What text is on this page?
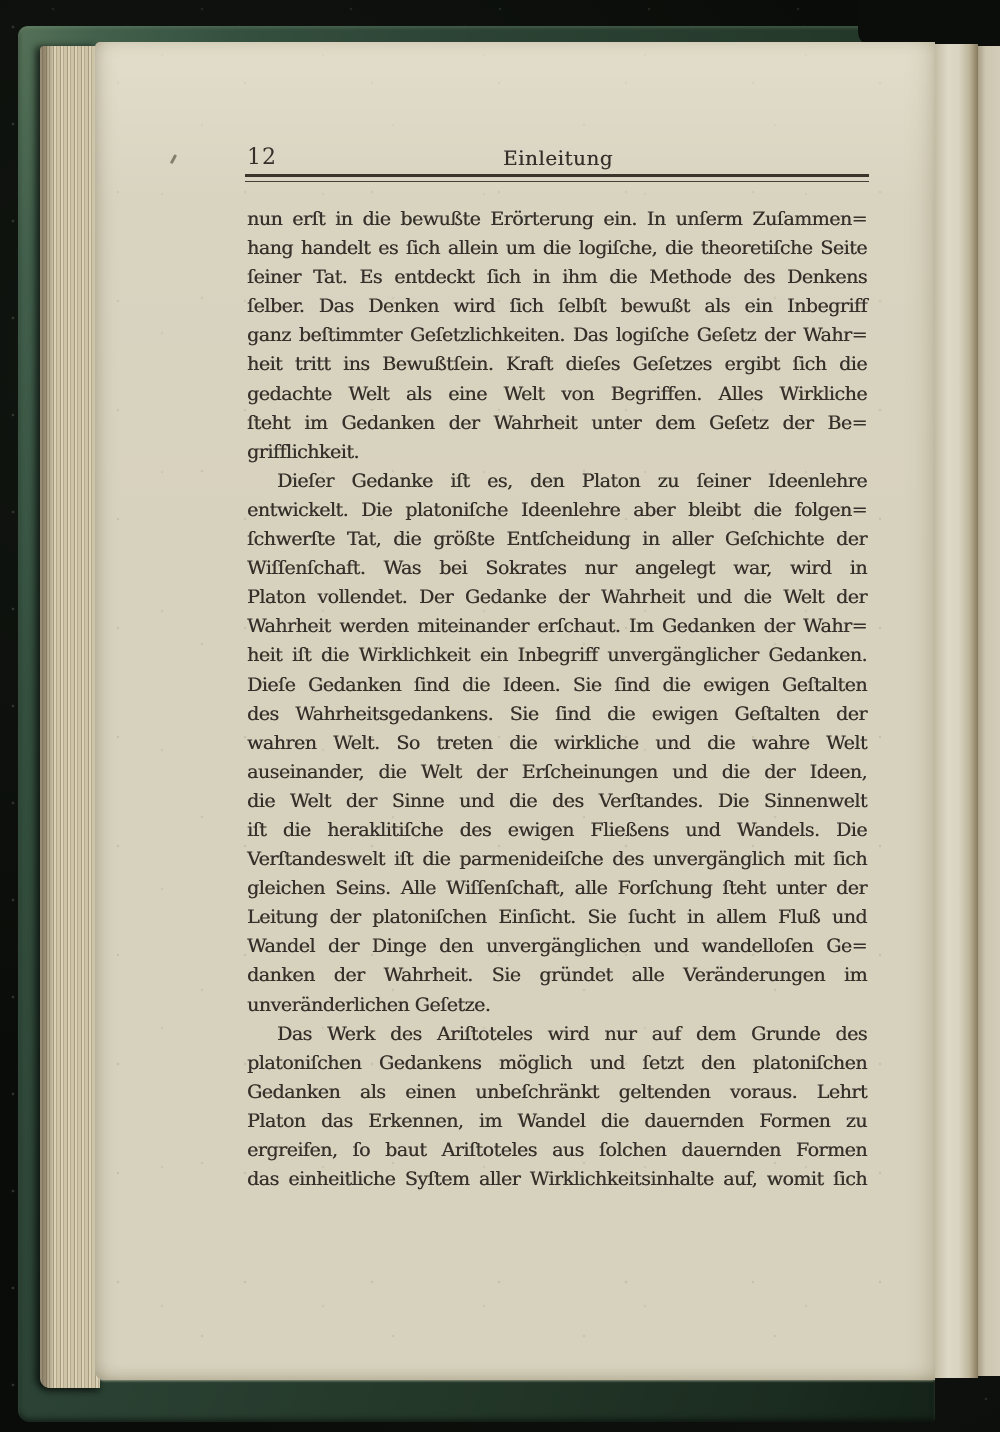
12	Einleitung
nun erſt in die bewußte Erörterung ein. In unſerm Zuſammen=
hang handelt es ſich allein um die logiſche, die theoretiſche Seite
ſeiner Tat. Es entdeckt ſich in ihm die Methode des Denkens
ſelber. Das Denken wird ſich ſelbſt bewußt als ein Inbegriff
ganz beſtimmter Geſetzlichkeiten. Das logiſche Geſetz der Wahr=
heit tritt ins Bewußtſein. Kraft dieſes Geſetzes ergibt ſich die
gedachte Welt als eine Welt von Begriffen. Alles Wirkliche
ſteht im Gedanken der Wahrheit unter dem Geſetz der Be=
grifflichkeit.
Dieſer Gedanke iſt es, den Platon zu ſeiner Ideenlehre
entwickelt. Die platoniſche Ideenlehre aber bleibt die folgen=
ſchwerſte Tat, die größte Entſcheidung in aller Geſchichte der
Wiſſenſchaft. Was bei Sokrates nur angelegt war, wird in
Platon vollendet. Der Gedanke der Wahrheit und die Welt der
Wahrheit werden miteinander erſchaut. Im Gedanken der Wahr=
heit iſt die Wirklichkeit ein Inbegriff unvergänglicher Gedanken.
Dieſe Gedanken ſind die Ideen. Sie ſind die ewigen Geſtalten
des Wahrheitsgedankens. Sie ſind die ewigen Geſtalten der
wahren Welt. So treten die wirkliche und die wahre Welt
auseinander, die Welt der Erſcheinungen und die der Ideen,
die Welt der Sinne und die des Verſtandes. Die Sinnenwelt
iſt die heraklitiſche des ewigen Fließens und Wandels. Die
Verſtandeswelt iſt die parmenideiſche des unvergänglich mit ſich
gleichen Seins. Alle Wiſſenſchaft, alle Forſchung ſteht unter der
Leitung der platoniſchen Einſicht. Sie ſucht in allem Fluß und
Wandel der Dinge den unvergänglichen und wandelloſen Ge=
danken der Wahrheit. Sie gründet alle Veränderungen im
unveränderlichen Geſetze.
Das Werk des Ariſtoteles wird nur auf dem Grunde des
platoniſchen Gedankens möglich und ſetzt den platoniſchen
Gedanken als einen unbeſchränkt geltenden voraus. Lehrt
Platon das Erkennen, im Wandel die dauernden Formen zu
ergreifen, ſo baut Ariſtoteles aus ſolchen dauernden Formen
das einheitliche Syſtem aller Wirklichkeitsinhalte auf, womit ſich
